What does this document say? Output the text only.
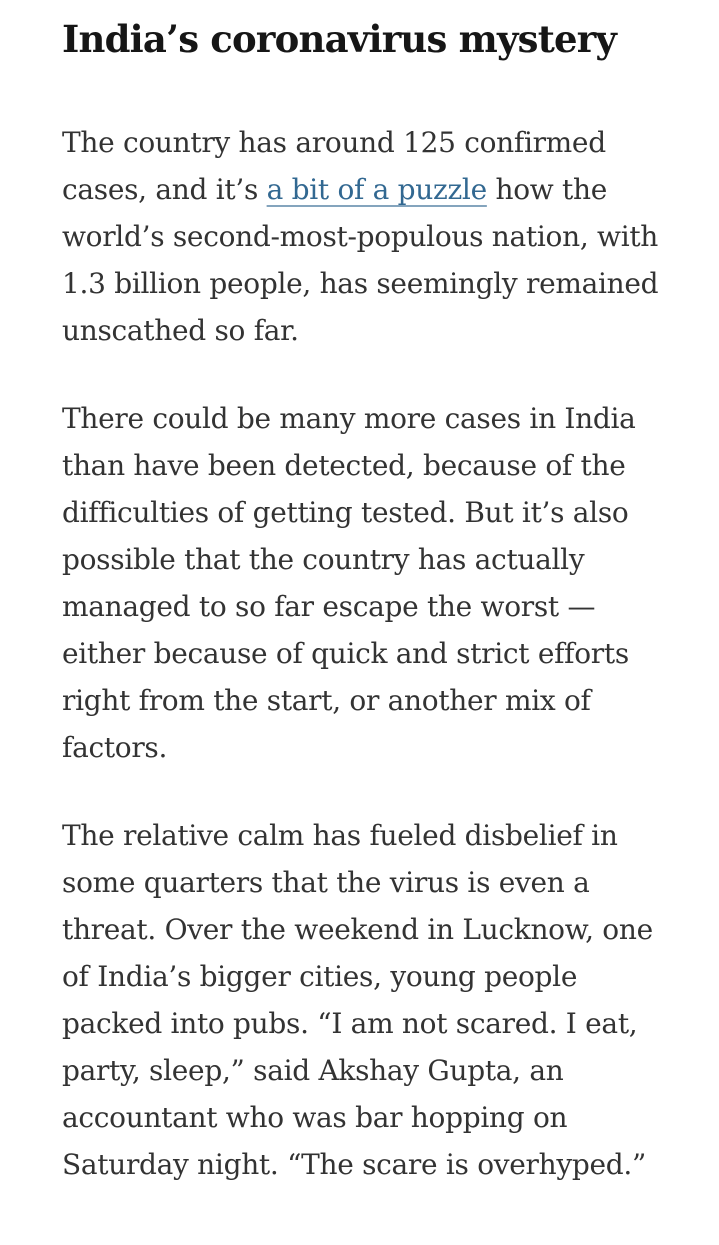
India’s coronavirus mystery

The country has around 125 confirmed cases, and it’s a bit of a puzzle how the world’s second-most-populous nation, with 1.3 billion people, has seemingly remained unscathed so far.

There could be many more cases in India than have been detected, because of the difficulties of getting tested. But it’s also possible that the country has actually managed to so far escape the worst — either because of quick and strict efforts right from the start, or another mix of factors.

The relative calm has fueled disbelief in some quarters that the virus is even a threat. Over the weekend in Lucknow, one of India’s bigger cities, young people packed into pubs. “I am not scared. I eat, party, sleep,” said Akshay Gupta, an accountant who was bar hopping on Saturday night. “The scare is overhyped.”
